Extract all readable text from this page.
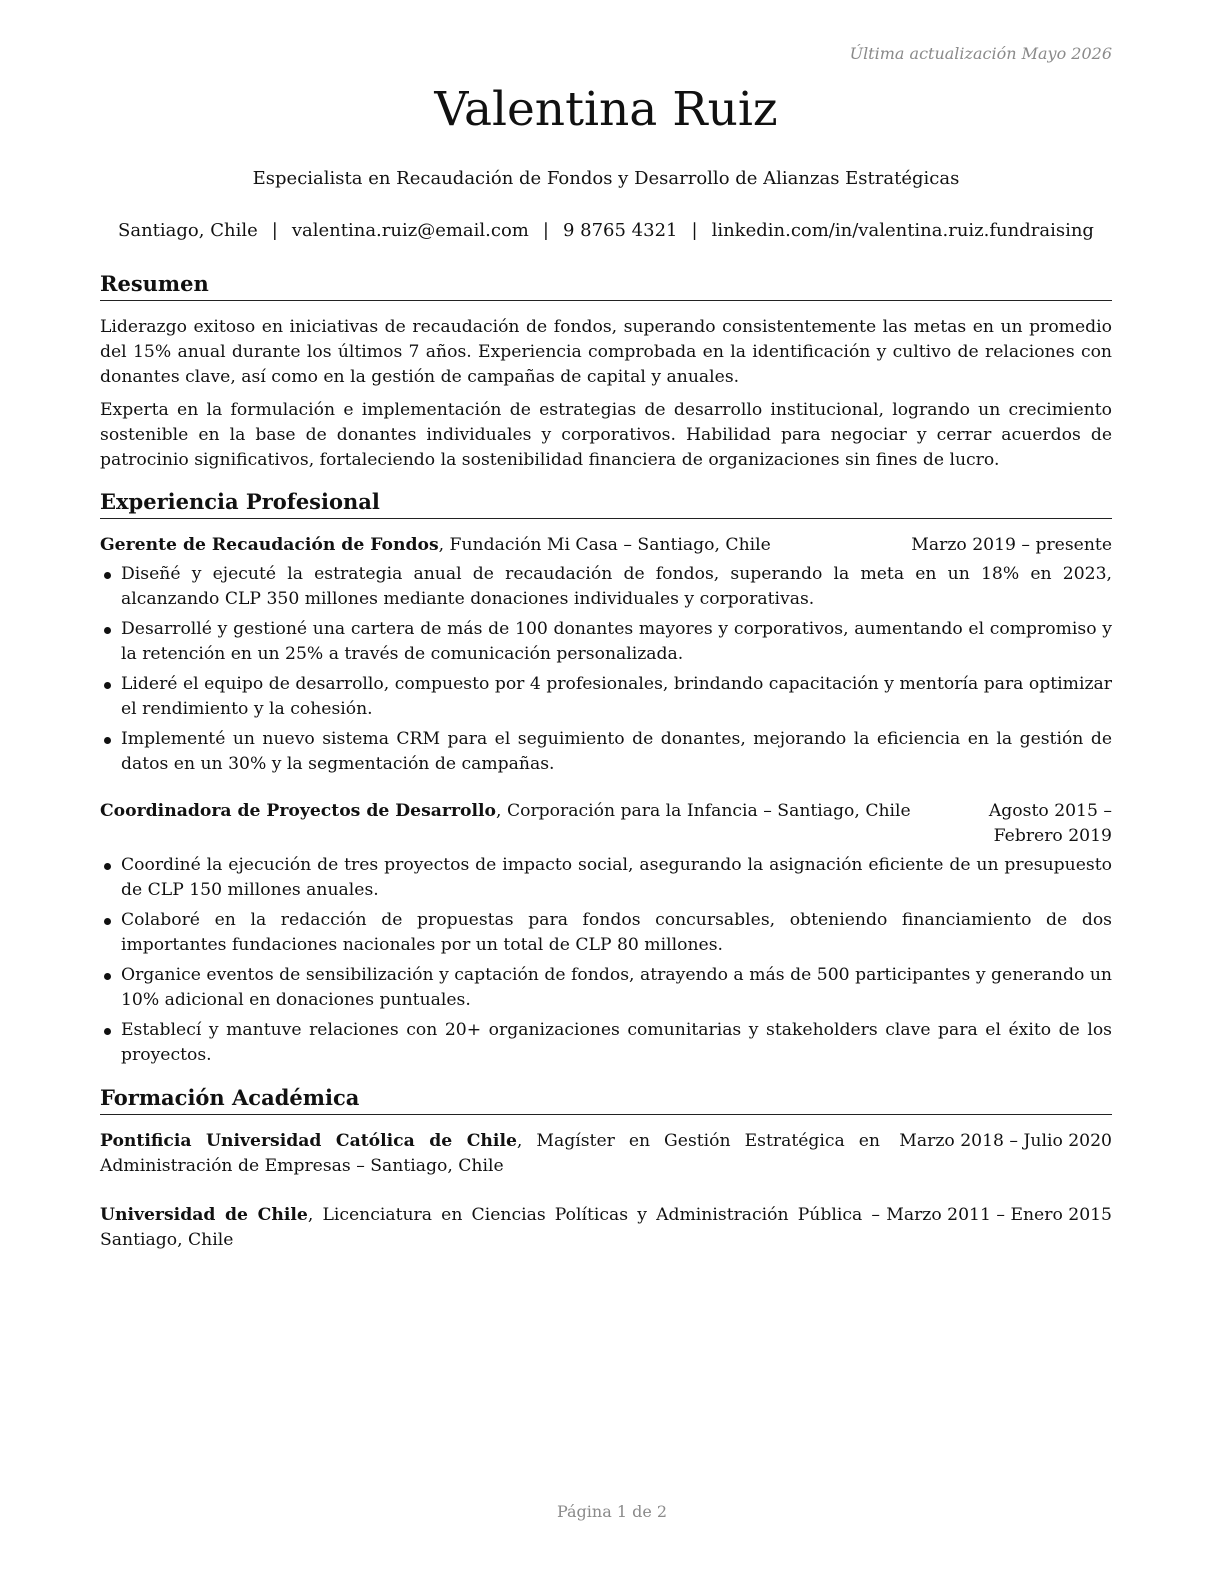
Última actualización Mayo 2026
Valentina Ruiz
Especialista en Recaudación de Fondos y Desarrollo de Alianzas Estratégicas
Santiago, Chile | valentina.ruiz@email.com | 9 8765 4321 | linkedin.com/in/valentina.ruiz.fundraising
Resumen

Liderazgo exitoso en iniciativas de recaudación de fondos, superando consistentemente las metas en un promedio del 15% anual durante los últimos 7 años. Experiencia comprobada en la identificación y cultivo de relaciones con donantes clave, así como en la gestión de campañas de capital y anuales.

Experta en la formulación e implementación de estrategias de desarrollo institucional, logrando un crecimiento sostenible en la base de donantes individuales y corporativos. Habilidad para negociar y cerrar acuerdos de patrocinio significativos, fortaleciendo la sostenibilidad financiera de organizaciones sin fines de lucro.

Experiencia Profesional
Gerente de Recaudación de Fondos, Fundación Mi Casa – Santiago, Chile	Marzo 2019 – presente
Diseñé y ejecuté la estrategia anual de recaudación de fondos, superando la meta en un 18% en 2023, alcanzando CLP 350 millones mediante donaciones individuales y corporativas.
Desarrollé y gestioné una cartera de más de 100 donantes mayores y corporativos, aumentando el compromiso y la retención en un 25% a través de comunicación personalizada.
Lideré el equipo de desarrollo, compuesto por 4 profesionales, brindando capacitación y mentoría para optimizar el rendimiento y la cohesión.
Implementé un nuevo sistema CRM para el seguimiento de donantes, mejorando la eficiencia en la gestión de datos en un 30% y la segmentación de campañas.
Coordinadora de Proyectos de Desarrollo, Corporación para la Infancia – Santiago, Chile	Agosto 2015 – Febrero 2019
Coordiné la ejecución de tres proyectos de impacto social, asegurando la asignación eficiente de un presupuesto de CLP 150 millones anuales.
Colaboré en la redacción de propuestas para fondos concursables, obteniendo financiamiento de dos importantes fundaciones nacionales por un total de CLP 80 millones.
Organice eventos de sensibilización y captación de fondos, atrayendo a más de 500 participantes y generando un 10% adicional en donaciones puntuales.
Establecí y mantuve relaciones con 20+ organizaciones comunitarias y stakeholders clave para el éxito de los proyectos.
Formación Académica
Pontificia Universidad Católica de Chile, Magíster en Gestión Estratégica en Administración de Empresas – Santiago, Chile
Marzo 2018 – Julio 2020
Universidad de Chile, Licenciatura en Ciencias Políticas y Administración Pública – Santiago, Chile
Marzo 2011 – Enero 2015
Página 1 de 2
